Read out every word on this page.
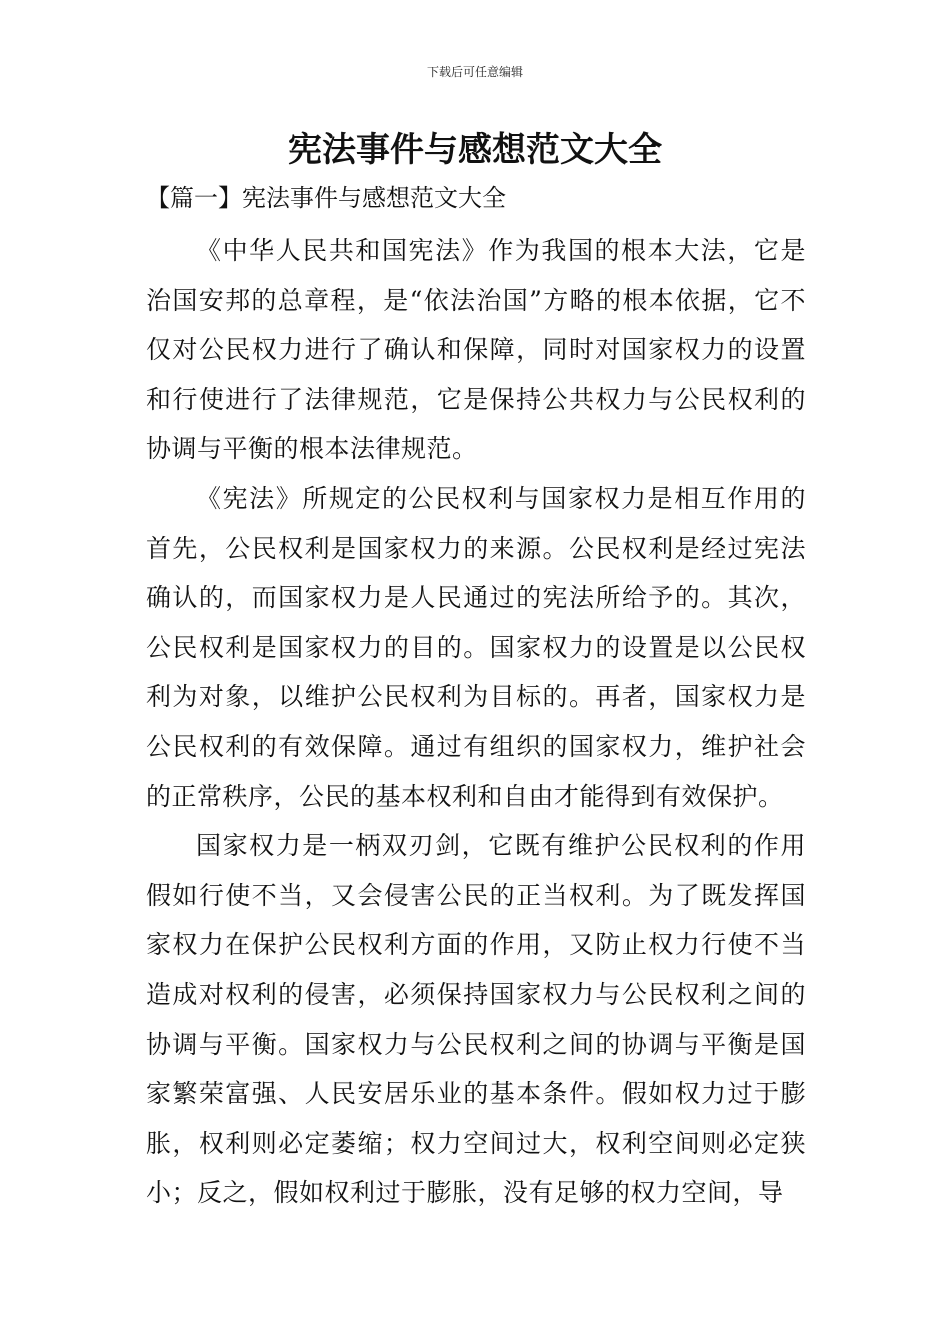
下载后可任意编辑
宪法事件与感想范文大全
【篇一】宪法事件与感想范文大全

《中华人民共和国宪法》作为我国的根本大法，它是治国安邦的总章程，是“依法治国”方略的根本依据，它不仅对公民权力进行了确认和保障，同时对国家权力的设置和行使进行了法律规范，它是保持公共权力与公民权利的协调与平衡的根本法律规范。

《宪法》所规定的公民权利与国家权力是相互作用的首先，公民权利是国家权力的来源。公民权利是经过宪法确认的，而国家权力是人民通过的宪法所给予的。其次，公民权利是国家权力的目的。国家权力的设置是以公民权利为对象，以维护公民权利为目标的。再者，国家权力是公民权利的有效保障。通过有组织的国家权力，维护社会的正常秩序，公民的基本权利和自由才能得到有效保护。

国家权力是一柄双刃剑，它既有维护公民权利的作用假如行使不当，又会侵害公民的正当权利。为了既发挥国家权力在保护公民权利方面的作用，又防止权力行使不当造成对权利的侵害，必须保持国家权力与公民权利之间的协调与平衡。国家权力与公民权利之间的协调与平衡是国家繁荣富强、人民安居乐业的基本条件。假如权力过于膨胀，权利则必定萎缩；权力空间过大，权利空间则必定狭小；反之，假如权利过于膨胀，没有足够的权力空间，导
